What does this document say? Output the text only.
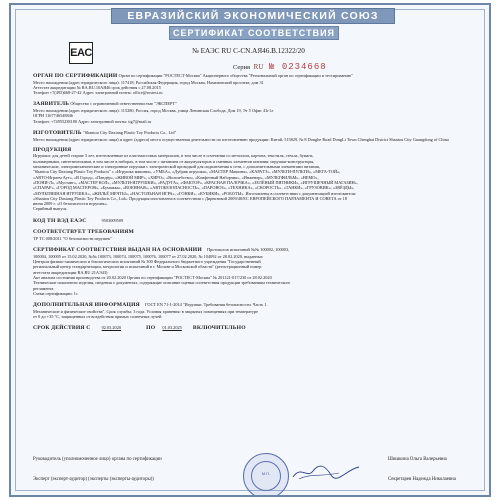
ЕВРАЗИЙСКИЙ ЭКОНОМИЧЕСКИЙ СОЮЗ
СЕРТИФИКАТ СООТВЕТСТВИЯ
EAC	№ ЕАЭС RU С-CN.АЯ46.В.12322/20
Серия RU № 0234668
ОРГАН ПО СЕРТИФИКАЦИИ Орган по сертификации "РОСТЕСТ-Москва" Акционерного общества "Региональный орган по сертификации и тестированию"
Место нахождения (адрес юридического лица): 117418, Российская Федерация, город Москва, Нахимовский проспект, дом 31
Аттестат аккредитации № RA.RU.10АЯ46 срок действия с 27.08.2015
Телефон +7(495)668-27-42 Адрес электронной почты: office@rostest.ru
ЗАЯВИТЕЛЬ Общество с ограниченной ответственностью "ЭКСПЕРТ"
Место нахождения (адрес юридического лица): 115280, Россия, город Москва, улица Ленинская Слобода, Дом 19, Эт 5 Офис 41г1л
ОГРН 1167746548846
Телефон: +74955238180 Адрес электронной почты: ttg7@mail.ru
ИЗГОТОВИТЕЛЬ "Shantou City Daxiang Plastic Toy Products Co., Ltd"
Место нахождения (адрес юридического лица) и адрес (адреса) места осуществления деятельности по изготовлению продукции: Китай, 515829, № 8 Donghe Road DongLi Town Chenghai District Shantou City Guangdong of China
ПРОДУКЦИЯ
Игрушки: для детей старше 3 лет, изготовленные из пластмассовых материалов, в том числе в сочетании со металлом, картона, текстиля, стекла, бумаги,
полимерными, синтетическими, в том числе в наборах, в том числе с питанием от аккумуляторов и сменных элементов питания: игрушки-конструкторы,
механические, электромеханические и электронные игрушки с электрической проводкой для подключения к сети, с дополнительными элементами питания,
"Shantou City Daxiang Plastic Toy Products" с «Игрушка машина», «УМБА», «Дубрик игрушка», «МАСТЕР Машина», «КАРАТЭ», «МУЛЬТИ-ПУЛЬТИ», «МЕГА-ТОЙ»,
«АВТО-Играем Аут», «В Город», «Пандёр», «ЖИВОЙ МИР», «ХИРО», «Волшебство», «Конфетный Наборчик», «Инженер», «МУЛЬТФИЛЬМ», «НЕМО»,
«ПОНИ-Л», «Мустанг», «МАСТЕР КОЛ», «МУЛЬТИ-ИГРУШКИ», «РАДУГА», «ФАКТОР», «КРАСНАЯ ПАЛОЧКА», «ЗЕЛЁНЫЙ ПЯТНИКИ», «ИГРУШЕЧНЫЙ МАГАЗИН»,
«СПАРАР», «ГОРОД МАСТЕРОВ», «Бумажка», «ВОЕННАЯ», «АВТОБЕЗОПАСНОСТЬ», «ПАРОВОЗ», «ТЕХНИКА», «СКОРОСТЬ», «ТАНКИ», «ГРУЗОВИК», «ЗВЁЗДЫ»,
«МУЛЬТЯШНАЯ ИГРУШКА», «ЖИЛЬЁ МЕЧТЫ», «НАСТОЛЬНАЯ ИГРА», «ГОНКИ», «КУБИКИ», «РОБОТЫ». Изготовлены в соответствии с документацией изготовителя:
«Shantou City Daxiang Plastic Toy Products Co., Ltd». Продукция изготовлена в соответствии с Директивой 2009/48/ЕС ЕВРОПЕЙСКОГО ПАРЛАМЕНТА И СОВЕТА от 18
июня 2009 г. «О безопасности игрушек».
Серийный выпуск.
КОД ТН ВЭД ЕАЭС	9503009509
СООТВЕТСТВУЕТ ТРЕБОВАНИЯМ
ТР ТС 008/2011 "О безопасности игрушек"
СЕРТИФИКАТ СООТВЕТСТВИЯ ВЫДАН НА ОСНОВАНИИ Протоколов испытаний №№ 100002, 100003,
100004, 100005 от 15.02.2020, №№ 100073, 100074, 100075, 100076, 100077 от 27.02.2020, № 104092 от 28.02.2020, выданных
Центром физико-химических и биологических испытаний № 300 Федерального бюджетного учреждения "Государственный
региональный центр стандартизации, метрологии и испытаний в г. Москве и Московской области" (регистрационный номер
аттестата аккредитации RA.RU.21АЭ43)
Акт анализа состояния производства от 20.02.2020 Органа по сертификации "РОСТЕСТ-Москва" № 201121-017/230 от 28.02.2020
Технические показатели изделия, сведения о документах, содержащие описание оценки соответствия продукции требованиям технического
регламента
Схема сертификации: 1с
ДОПОЛНИТЕЛЬНАЯ ИНФОРМАЦИЯ ГОСТ EN 71-1-2014 "Игрушки. Требования безопасности. Часть 1.
Механические и физические свойства". Срок службы: 3 года. Условия хранения: в закрытых помещениях при температуре
от 0 до +35 °С, защищенных от воздействия прямых солнечных лучей
СРОК ДЕЙСТВИЯ С	02.03.2020	ПО 01.03.2025 ВКЛЮЧИТЕЛЬНО
Руководитель (уполномоченное лицо) органа по сертификации
М.П.
Шишкина Ольга Валерьевна
Эксперт (эксперт-аудитор) (эксперты (эксперты-аудиторы))	Секретарев Надежда Николаевна
